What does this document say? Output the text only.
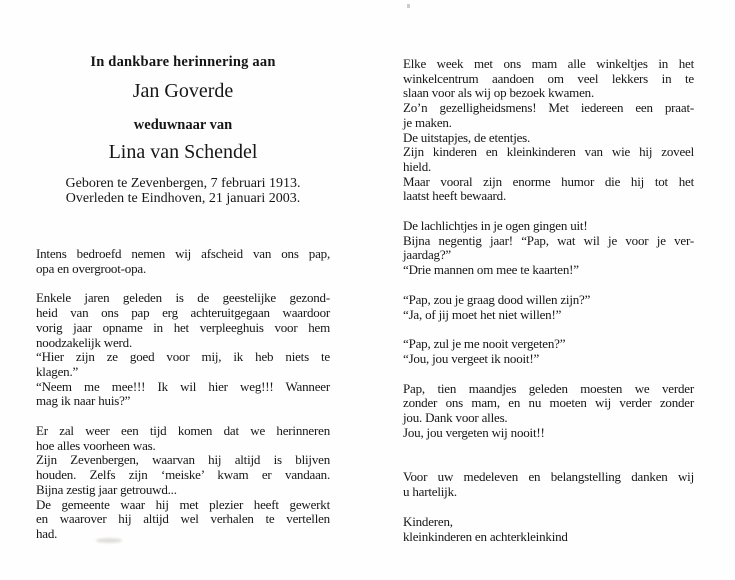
In dankbare herinnering aan
Jan Goverde
weduwnaar van
Lina van Schendel
Geboren te Zevenbergen, 7 februari 1913.
Overleden te Eindhoven, 21 januari 2003.
Intens bedroefd nemen wij afscheid van ons pap,
opa en overgroot-opa.
Enkele jaren geleden is de geestelijke gezond-
heid van ons pap erg achteruitgegaan waardoor
vorig jaar opname in het verpleeghuis voor hem
noodzakelijk werd.
“Hier zijn ze goed voor mij, ik heb niets te
klagen.”
“Neem me mee!!! Ik wil hier weg!!! Wanneer
mag ik naar huis?”
Er zal weer een tijd komen dat we herinneren
hoe alles voorheen was.
Zijn Zevenbergen, waarvan hij altijd is blijven
houden. Zelfs zijn ‘meiske’ kwam er vandaan.
Bijna zestig jaar getrouwd...
De gemeente waar hij met plezier heeft gewerkt
en waarover hij altijd wel verhalen te vertellen
had.
Elke week met ons mam alle winkeltjes in het
winkelcentrum aandoen om veel lekkers in te
slaan voor als wij op bezoek kwamen.
Zo’n gezelligheidsmens! Met iedereen een praat-
je maken.
De uitstapjes, de etentjes.
Zijn kinderen en kleinkinderen van wie hij zoveel
hield.
Maar vooral zijn enorme humor die hij tot het
laatst heeft bewaard.
De lachlichtjes in je ogen gingen uit!
Bijna negentig jaar! “Pap, wat wil je voor je ver-
jaardag?”
“Drie mannen om mee te kaarten!”
“Pap, zou je graag dood willen zijn?”
“Ja, of jij moet het niet willen!”
“Pap, zul je me nooit vergeten?”
“Jou, jou vergeet ik nooit!”
Pap, tien maandjes geleden moesten we verder
zonder ons mam, en nu moeten wij verder zonder
jou. Dank voor alles.
Jou, jou vergeten wij nooit!!
Voor uw medeleven en belangstelling danken wij
u hartelijk.
Kinderen,
kleinkinderen en achterkleinkind
